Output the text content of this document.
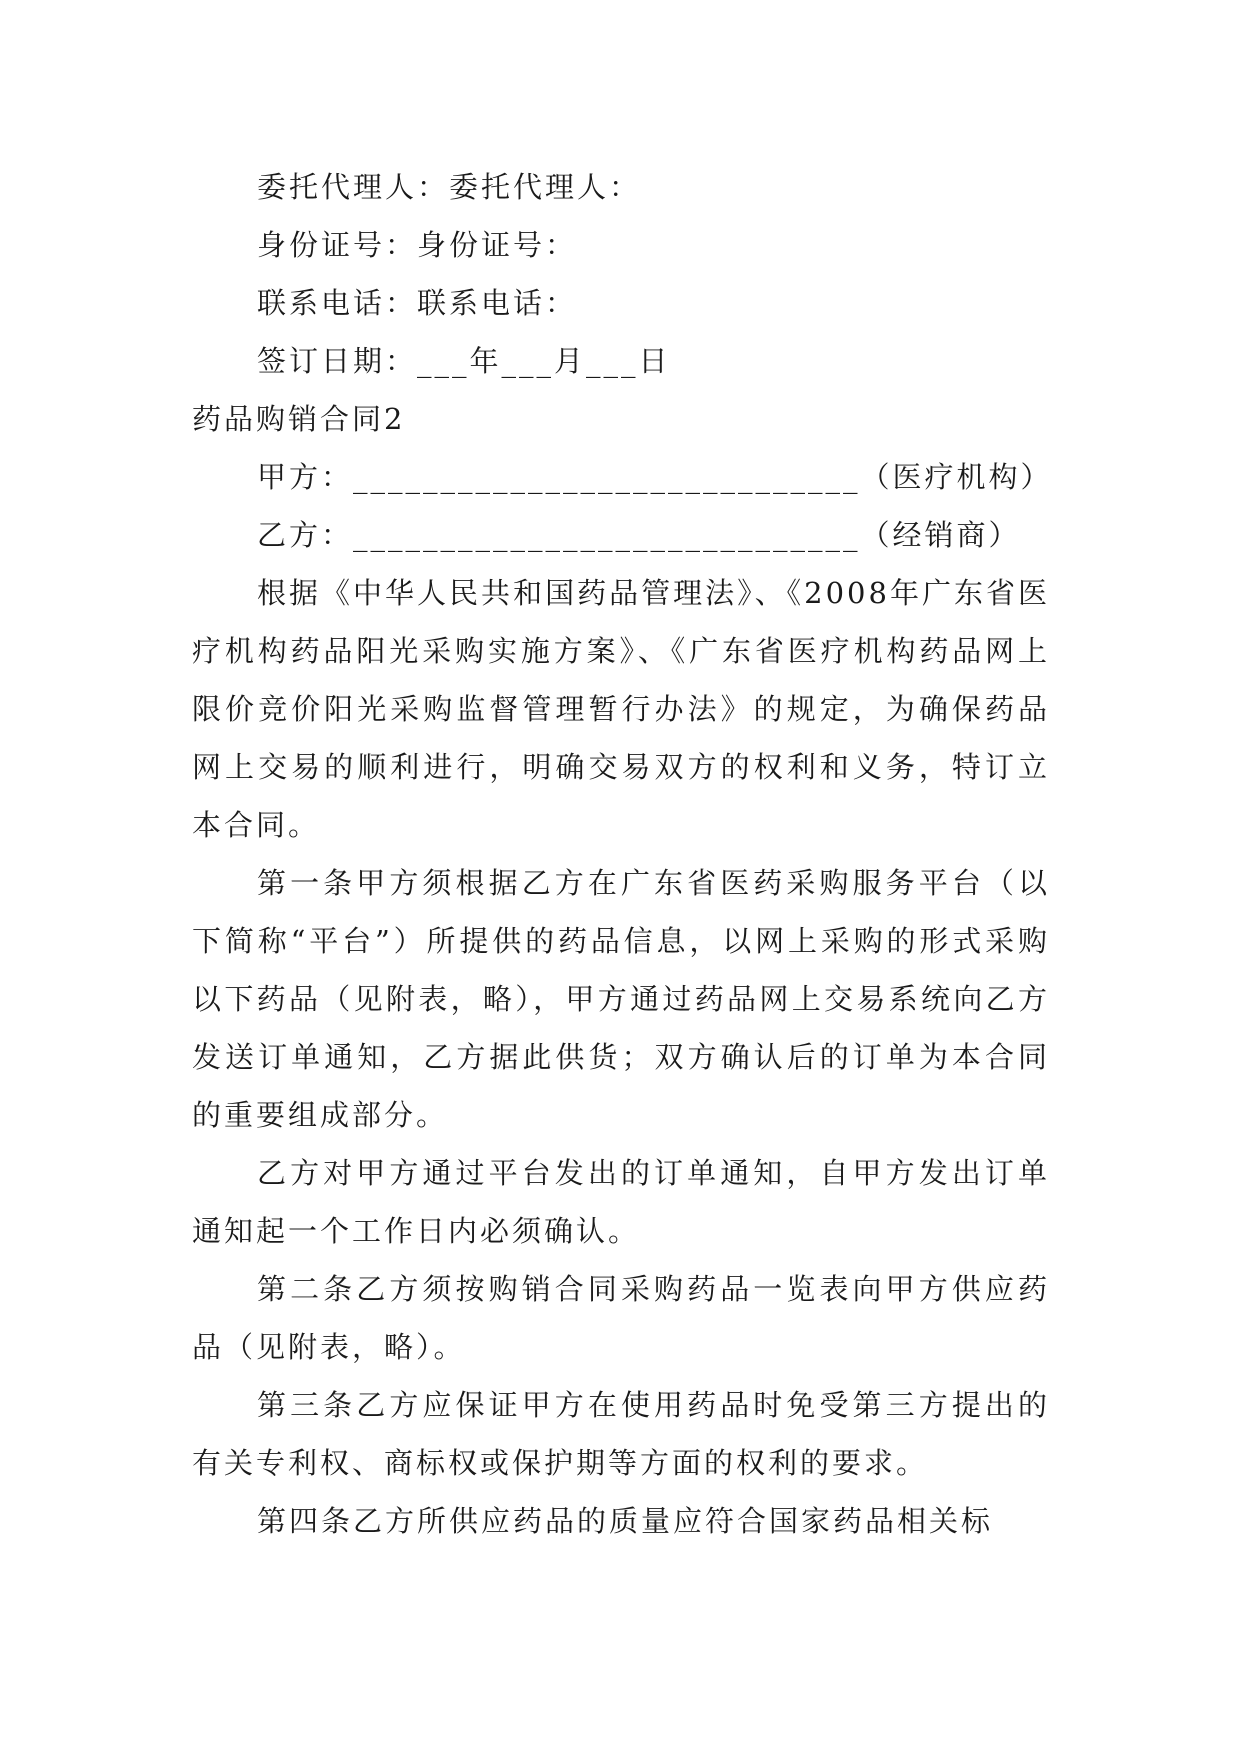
委托代理人：委托代理人：
身份证号：身份证号：
联系电话：联系电话：
签订日期：___年___月___日
药品购销合同2
甲方：_____________________________（医疗机构）
乙方：_____________________________（经销商）

根据《中华人民共和国药品管理法》、《2008年广东省医疗机构药品阳光采购实施方案》、《广东省医疗机构药品网上限价竞价阳光采购监督管理暂行办法》的规定，为确保药品网上交易的顺利进行，明确交易双方的权利和义务，特订立本合同。

第一条甲方须根据乙方在广东省医药采购服务平台（以下简称“平台”）所提供的药品信息，以网上采购的形式采购以下药品（见附表，略），甲方通过药品网上交易系统向乙方发送订单通知，乙方据此供货；双方确认后的订单为本合同的重要组成部分。

乙方对甲方通过平台发出的订单通知，自甲方发出订单通知起一个工作日内必须确认。

第二条乙方须按购销合同采购药品一览表向甲方供应药品（见附表，略）。

第三条乙方应保证甲方在使用药品时免受第三方提出的有关专利权、商标权或保护期等方面的权利的要求。

第四条乙方所供应药品的质量应符合国家药品相关标
